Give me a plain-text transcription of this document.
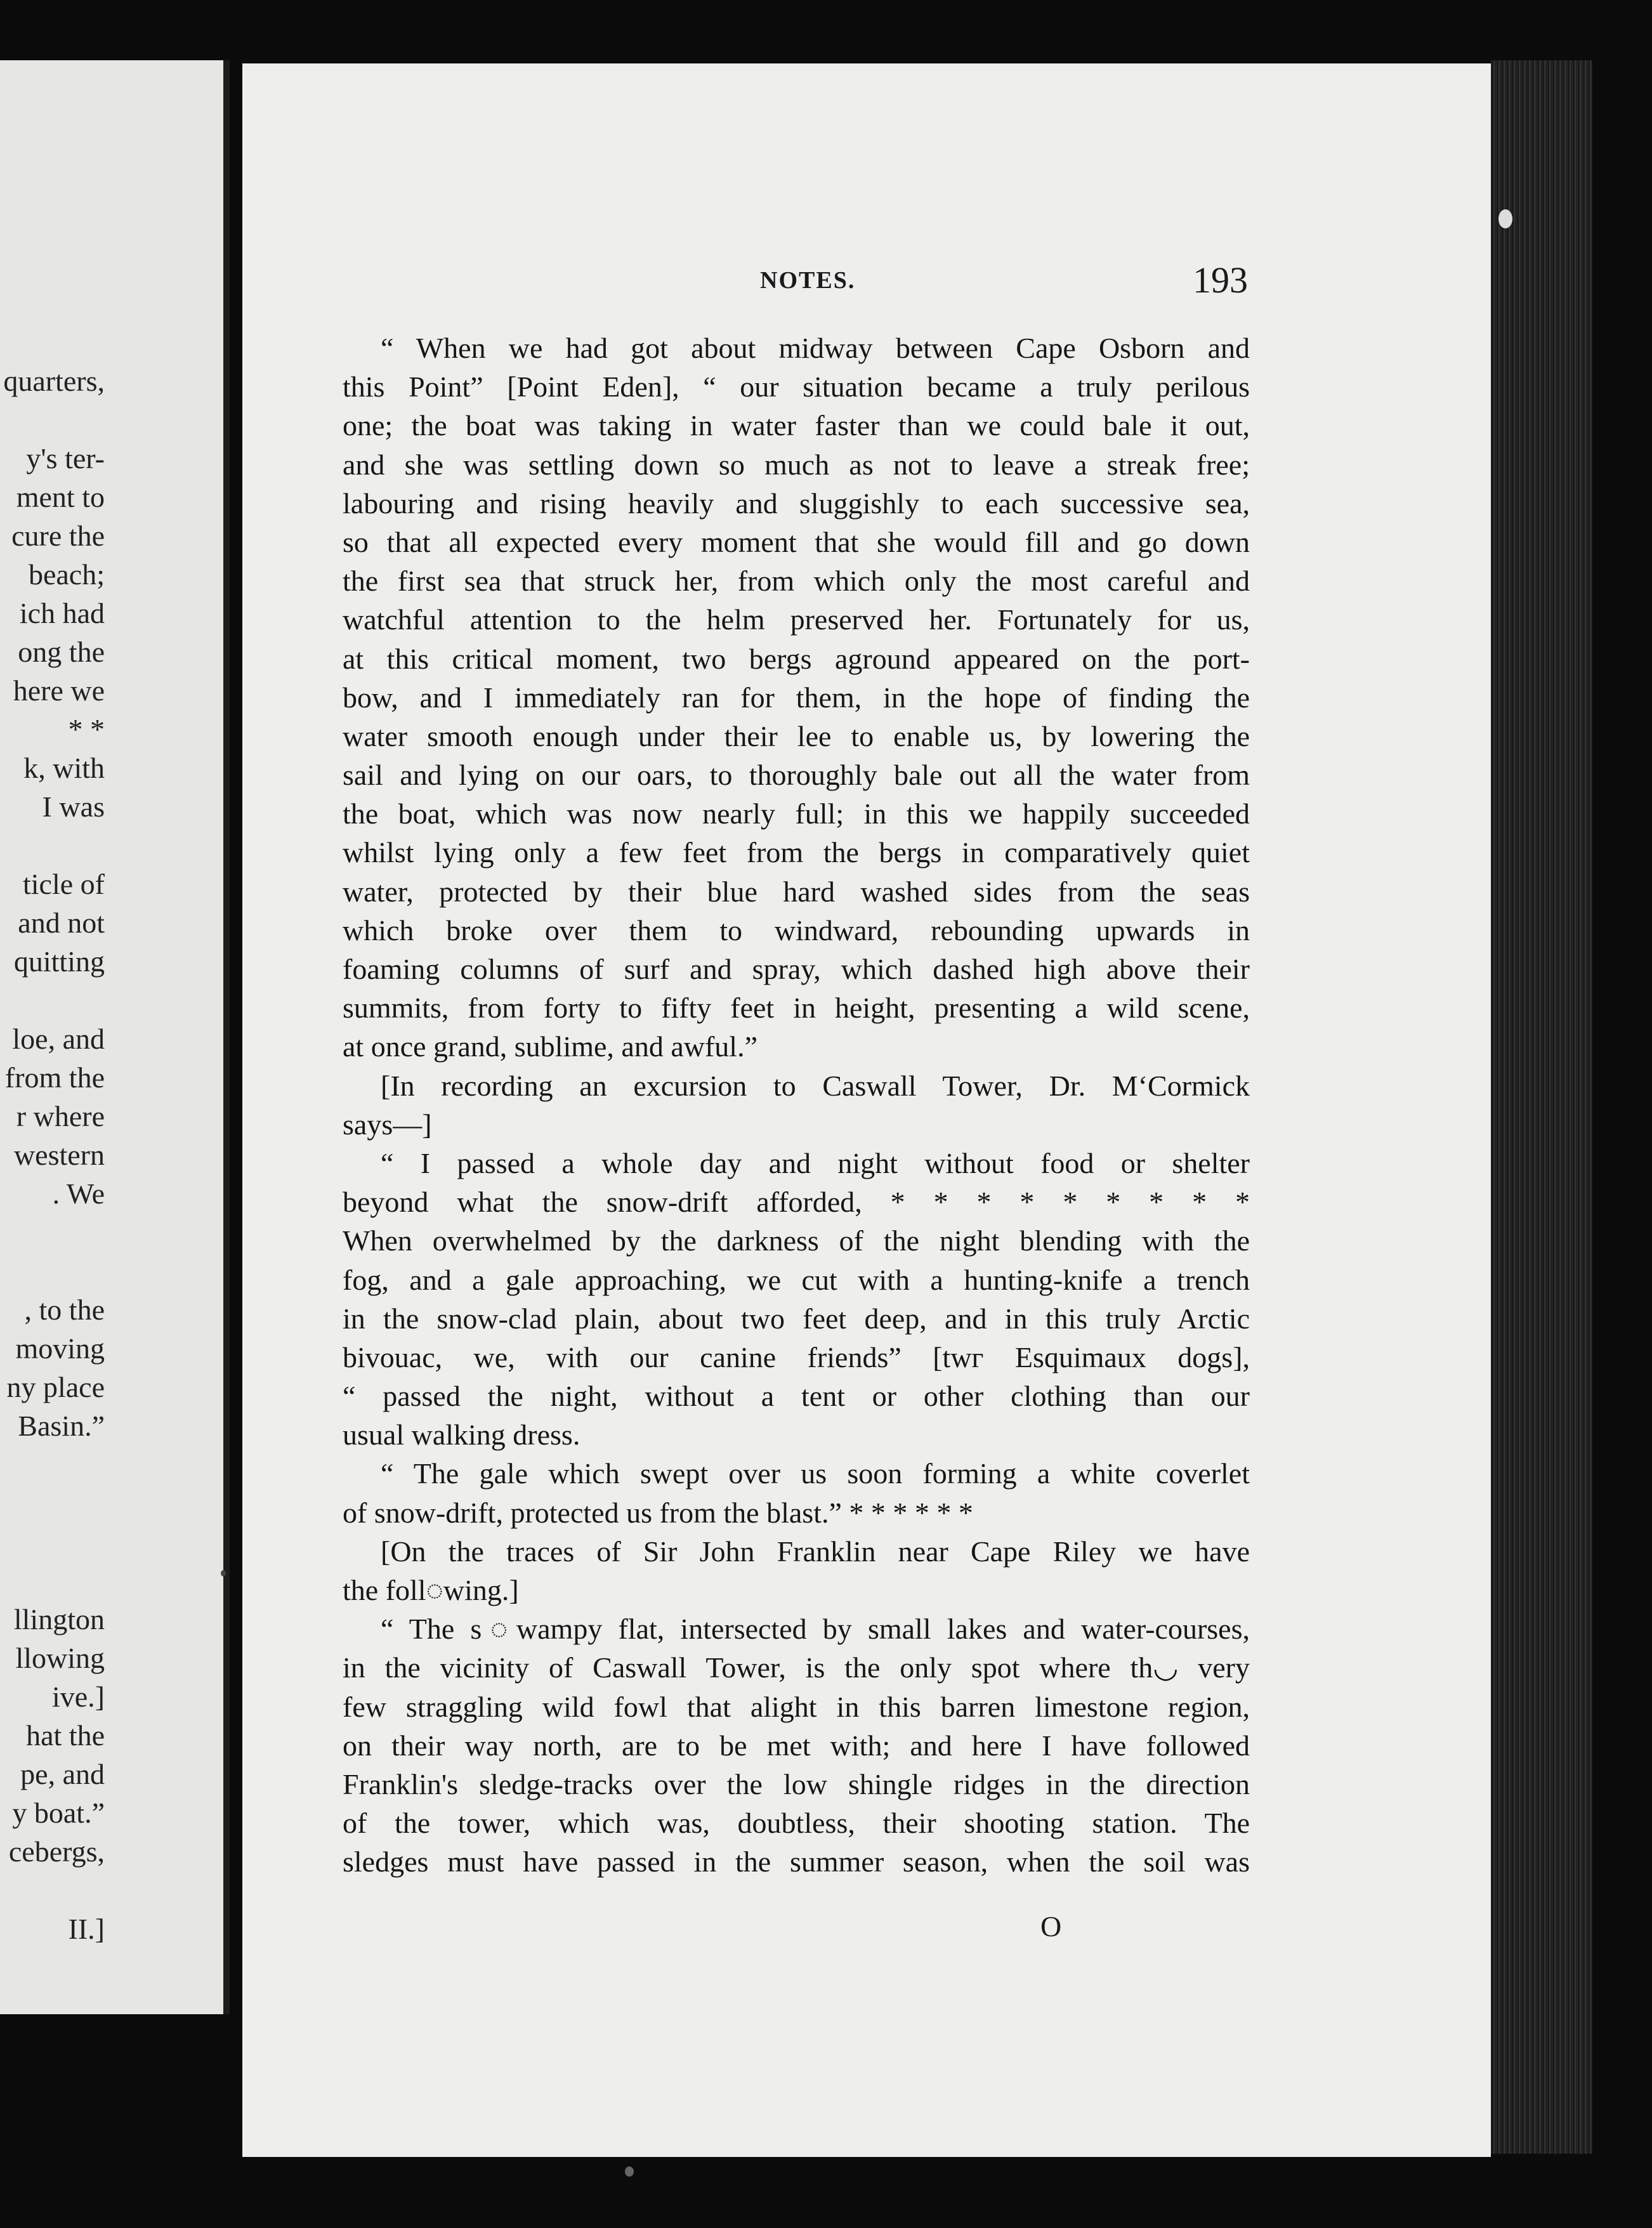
quarters,
y's ter-
ment to
cure the
beach;
ich had
ong the
here we
* *
k, with
I was
ticle of
and not
quitting
loe, and
from the
r where
western
. We
, to the
moving
ny place
Basin.”
llington
llowing
ive.]
hat the
pe, and
y boat.”
cebergs,
II.]
NOTES.	193
“ When we had got about midway between Cape Osborn and
this Point” [Point Eden], “ our situation became a truly perilous
one; the boat was taking in water faster than we could bale it out,
and she was settling down so much as not to leave a streak free;
labouring and rising heavily and sluggishly to each successive sea,
so that all expected every moment that she would fill and go down
the first sea that struck her, from which only the most careful and
watchful attention to the helm preserved her. Fortunately for us,
at this critical moment, two bergs aground appeared on the port-
bow, and I immediately ran for them, in the hope of finding the
water smooth enough under their lee to enable us, by lowering the
sail and lying on our oars, to thoroughly bale out all the water from
the boat, which was now nearly full; in this we happily succeeded
whilst lying only a few feet from the bergs in comparatively quiet
water, protected by their blue hard washed sides from the seas
which broke over them to windward, rebounding upwards in
foaming columns of surf and spray, which dashed high above their
summits, from forty to fifty feet in height, presenting a wild scene,
at once grand, sublime, and awful.”
[In recording an excursion to Caswall Tower, Dr. M‘Cormick
says—]
“ I passed a whole day and night without food or shelter
beyond what the snow-drift afforded, * * * * * * * * *
When overwhelmed by the darkness of the night blending with the
fog, and a gale approaching, we cut with a hunting-knife a trench
in the snow-clad plain, about two feet deep, and in this truly Arctic
bivouac, we, with our canine friends” [twᴦ Esquimaux dogs],
“ passed the night, without a tent or other clothing than our
usual walking dress.
“ The gale which swept over us soon forming a white coverlet
of snow-drift, protected us from the blast.” * * * * * *
[On the traces of Sir John Franklin near Cape Riley we have
the foll◌wing.]
“ The s◌wampy flat, intersected by small lakes and water-courses,
in the vicinity of Caswall Tower, is the only spot where th◡ very
few straggling wild fowl that alight in this barren limestone region,
on their way north, are to be met with; and here I have followed
Franklin's sledge-tracks over the low shingle ridges in the direction
of the tower, which was, doubtless, their shooting station. The
sledges must have passed in the summer season, when the soil was
O
